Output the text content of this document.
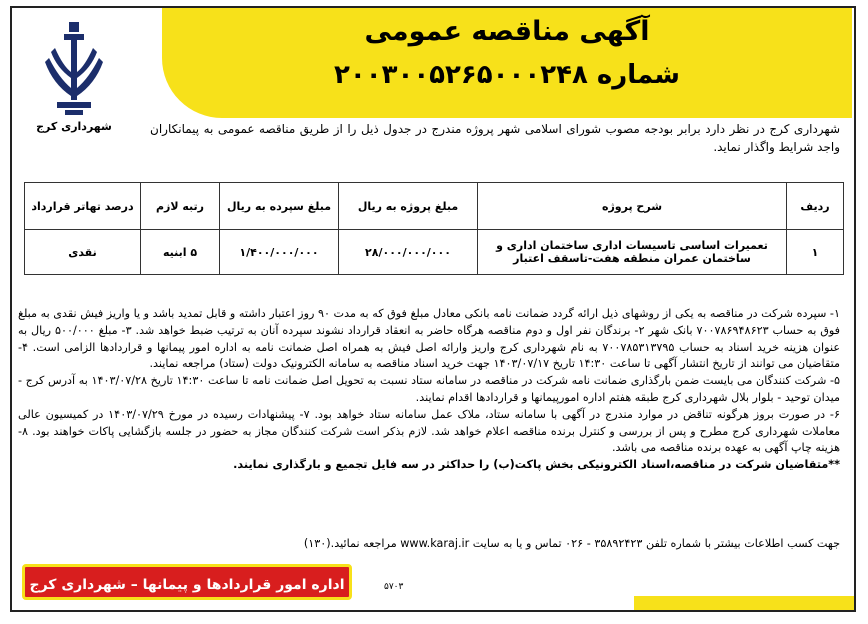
آگهی مناقصه عمومی
شماره ۲۰۰۳۰۰۵۲۶۵۰۰۰۲۴۸
شهرداری کرج	شهرداری کرج در نظر دارد برابر بودجه مصوب شورای اسلامی شهر پروژه مندرج در جدول ذیل را از طریق مناقصه عمومی به پیمانکاران واجد شرایط واگذار نماید.
ردیف	شرح پروژه	مبلغ پروژه به ریال	مبلغ سپرده به ریال	رتبه لازم	درصد تهاتر قرارداد
۱	تعمیرات اساسی تاسیسات اداری ساختمان اداری و ساختمان عمران منطقه هفت-تاسقف اعتبار	۲۸/۰۰۰/۰۰۰/۰۰۰	۱/۴۰۰/۰۰۰/۰۰۰	۵ ابنیه	نقدی

۱- سپرده شرکت در مناقصه به یکی از روشهای ذیل ارائه گردد ضمانت نامه بانکی معادل مبلغ فوق که به مدت ۹۰ روز اعتبار داشته و قابل تمدید باشد و یا واریز فیش نقدی به مبلغ فوق به حساب ۷۰۰۷۸۶۹۴۸۶۲۳ بانک شهر ۲- برندگان نفر اول و دوم مناقصه هرگاه حاضر به انعقاد قرارداد نشوند سپرده آنان به ترتیب ضبط خواهد شد. ۳- مبلغ ۵۰۰/۰۰۰ ریال به عنوان هزینه خرید اسناد به حساب ۷۰۰۷۸۵۳۱۳۷۹۵ به نام شهرداری کرج واریز وارائه اصل فیش به همراه اصل ضمانت نامه به اداره امور پیمانها و قراردادها الزامی است. ۴- متقاضیان می توانند از تاریخ انتشار آگهی تا ساعت ۱۴:۳۰ تاریخ ۱۴۰۳/۰۷/۱۷ جهت خرید اسناد مناقصه به سامانه الکترونیک دولت (ستاد) مراجعه نمایند.

۵- شرکت کنندگان می بایست ضمن بارگذاری ضمانت نامه شرکت در مناقصه در سامانه ستاد نسبت به تحویل اصل ضمانت نامه تا ساعت ۱۴:۳۰ تاریخ ۱۴۰۳/۰۷/۲۸ به آدرس کرج - میدان توحید - بلوار بلال شهرداری کرج طبقه هفتم اداره امورپیمانها و قراردادها اقدام نمایند.

۶- در صورت بروز هرگونه تناقض در موارد مندرج در آگهی با سامانه ستاد، ملاک عمل سامانه ستاد خواهد بود. ۷- پیشنهادات رسیده در مورخ ۱۴۰۳/۰۷/۲۹ در کمیسیون عالی معاملات شهرداری کرج مطرح و پس از بررسی و کنترل برنده مناقصه اعلام خواهد شد. لازم بذکر است شرکت کنندگان مجاز به حضور در جلسه بازگشایی پاکات خواهند بود. ۸- هزینه چاپ آگهی به عهده برنده مناقصه می باشد.

**متقاضیان شرکت در مناقصه،اسناد الکترونیکی بخش پاکت(ب) را حداکثر در سه فایل تجمیع و بارگذاری نمایند.

جهت کسب اطلاعات بیشتر با شماره تلفن ۳۵۸۹۲۴۲۳ - ۰۲۶ تماس و یا به سایت www.karaj.ir مراجعه نمائید.(۱۳۰)
اداره امور قراردادها و پیمانها – شهرداری کرج	۵۷۰۳
